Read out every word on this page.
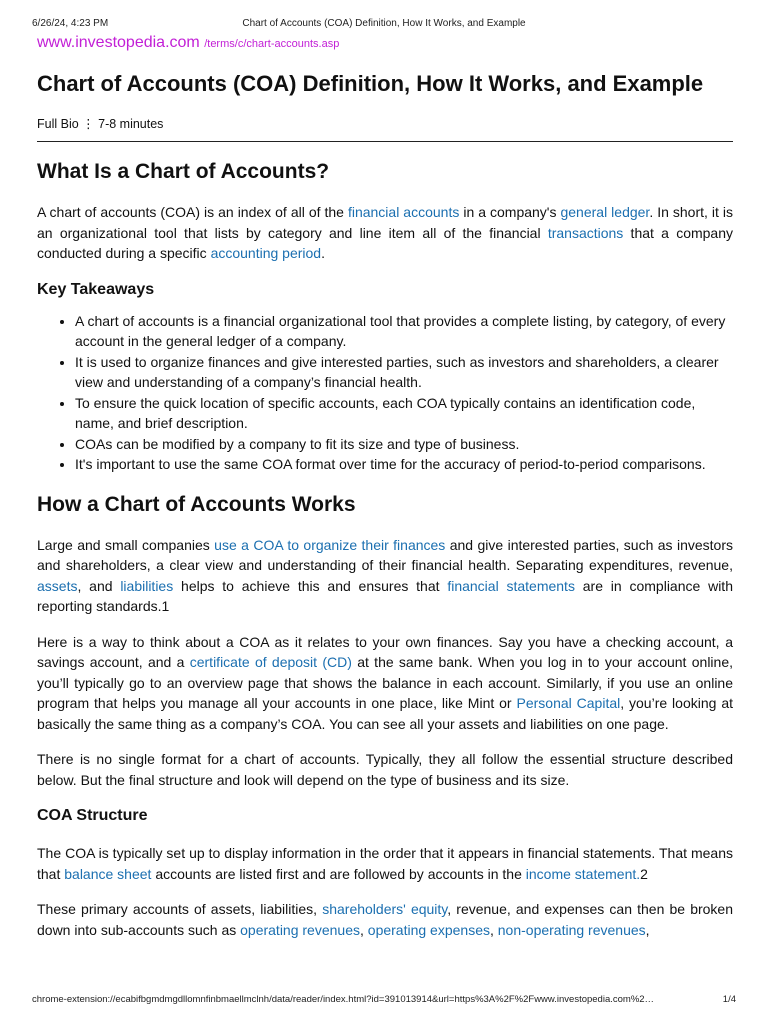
6/26/24, 4:23 PM	Chart of Accounts (COA) Definition, How It Works, and Example
www.investopedia.com /terms/c/chart-accounts.asp
Chart of Accounts (COA) Definition, How It Works, and Example
Full Bio ⋮ 7-8 minutes
What Is a Chart of Accounts?

A chart of accounts (COA) is an index of all of the financial accounts in a company's general ledger. In short, it is an organizational tool that lists by category and line item all of the financial transactions that a company conducted during a specific accounting period.

Key Takeaways
• A chart of accounts is a financial organizational tool that provides a complete listing, by category, of every account in the general ledger of a company.
• It is used to organize finances and give interested parties, such as investors and shareholders, a clearer view and understanding of a company’s financial health.
• To ensure the quick location of specific accounts, each COA typically contains an identification code, name, and brief description.
• COAs can be modified by a company to fit its size and type of business.
• It's important to use the same COA format over time for the accuracy of period-to-period comparisons.
How a Chart of Accounts Works

Large and small companies use a COA to organize their finances and give interested parties, such as investors and shareholders, a clear view and understanding of their financial health. Separating expenditures, revenue, assets, and liabilities helps to achieve this and ensures that financial statements are in compliance with reporting standards.1

Here is a way to think about a COA as it relates to your own finances. Say you have a checking account, a savings account, and a certificate of deposit (CD) at the same bank. When you log in to your account online, you’ll typically go to an overview page that shows the balance in each account. Similarly, if you use an online program that helps you manage all your accounts in one place, like Mint or Personal Capital, you’re looking at basically the same thing as a company’s COA. You can see all your assets and liabilities on one page.

There is no single format for a chart of accounts. Typically, they all follow the essential structure described below. But the final structure and look will depend on the type of business and its size.

COA Structure

The COA is typically set up to display information in the order that it appears in financial statements. That means that balance sheet accounts are listed first and are followed by accounts in the income statement.2

These primary accounts of assets, liabilities, shareholders' equity, revenue, and expenses can then be broken down into sub-accounts such as operating revenues, operating expenses, non-operating revenues,

chrome-extension://ecabifbgmdmgdllomnfinbmaellmclnh/data/reader/index.html?id=391013914&url=https%3A%2F%2Fwww.investopedia.com%2…	1/4
